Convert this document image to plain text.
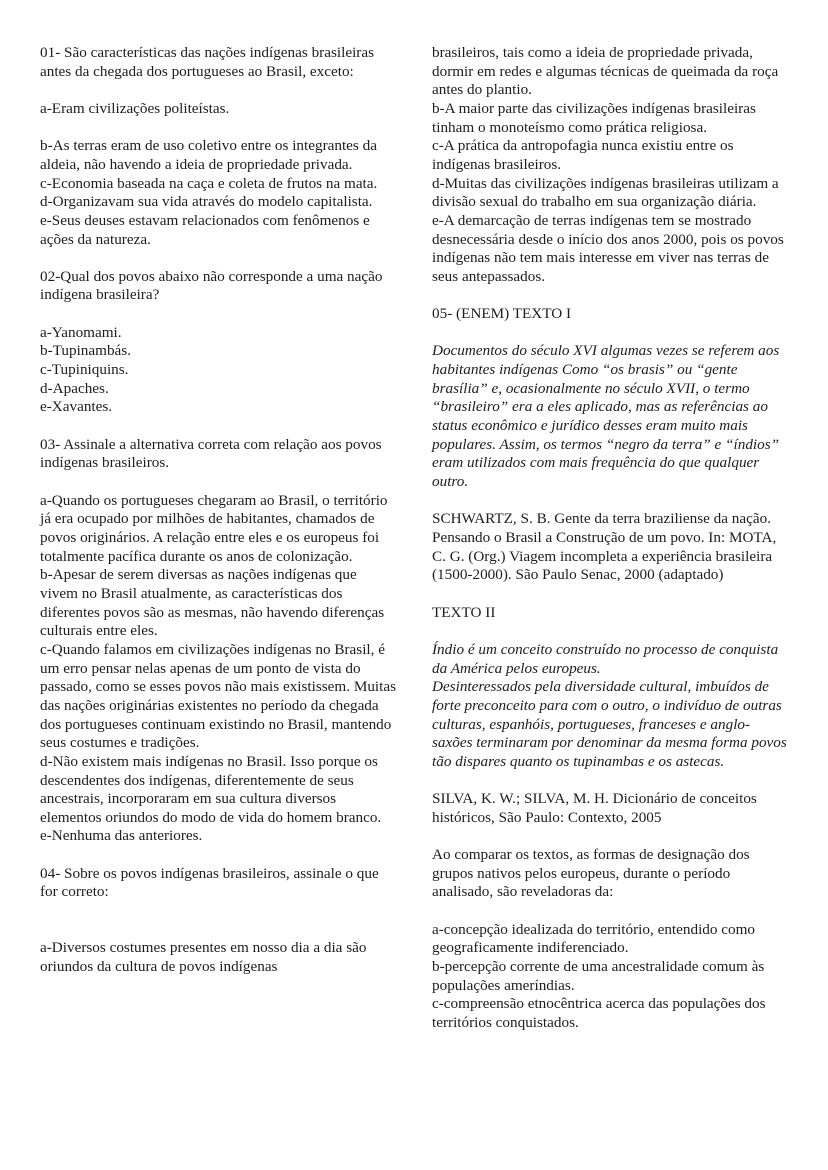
01- São características das nações indígenas brasileiras antes da chegada dos portugueses ao Brasil, exceto:

a-Eram civilizações politeístas.

b-As terras eram de uso coletivo entre os integrantes da aldeia, não havendo a ideia de propriedade privada.

c-Economia baseada na caça e coleta de frutos na mata.

d-Organizavam sua vida através do modelo capitalista.

e-Seus deuses estavam relacionados com fenômenos e ações da natureza.

02-Qual dos povos abaixo não corresponde a uma nação indígena brasileira?

a-Yanomami.

b-Tupinambás.

c-Tupiniquins.

d-Apaches.

e-Xavantes.

03- Assinale a alternativa correta com relação aos povos indígenas brasileiros.

a-Quando os portugueses chegaram ao Brasil, o território já era ocupado por milhões de habitantes, chamados de povos originários. A relação entre eles e os europeus foi totalmente pacífica durante os anos de colonização.

b-Apesar de serem diversas as nações indígenas que vivem no Brasil atualmente, as características dos diferentes povos são as mesmas, não havendo diferenças culturais entre eles.

c-Quando falamos em civilizações indígenas no Brasil, é um erro pensar nelas apenas de um ponto de vista do passado, como se esses povos não mais existissem. Muitas das nações originárias existentes no período da chegada dos portugueses continuam existindo no Brasil, mantendo seus costumes e tradições.

d-Não existem mais indígenas no Brasil. Isso porque os descendentes dos indígenas, diferentemente de seus ancestrais, incorporaram em sua cultura diversos elementos oriundos do modo de vida do homem branco.

e-Nenhuma das anteriores.

04- Sobre os povos indígenas brasileiros, assinale o que for correto:

a-Diversos costumes presentes em nosso dia a dia são oriundos da cultura de povos indígenas

brasileiros, tais como a ideia de propriedade privada, dormir em redes e algumas técnicas de queimada da roça antes do plantio.

b-A maior parte das civilizações indígenas brasileiras tinham o monoteísmo como prática religiosa.

c-A prática da antropofagia nunca existiu entre os indígenas brasileiros.

d-Muitas das civilizações indígenas brasileiras utilizam a divisão sexual do trabalho em sua organização diária.

e-A demarcação de terras indígenas tem se mostrado desnecessária desde o início dos anos 2000, pois os povos indígenas não tem mais interesse em viver nas terras de seus antepassados.

05- (ENEM) TEXTO I

Documentos do século XVI algumas vezes se referem aos habitantes indígenas Como “os brasis” ou “gente brasília” e, ocasionalmente no século XVII, o termo “brasileiro” era a eles aplicado, mas as referências ao status econômico e jurídico desses eram muito mais populares. Assim, os termos “negro da terra” e “índios” eram utilizados com mais frequência do que qualquer outro.

SCHWARTZ, S. B. Gente da terra braziliense da nação. Pensando o Brasil a Construção de um povo. In: MOTA, C. G. (Org.) Viagem incompleta a experiência brasileira (1500-2000). São Paulo Senac, 2000 (adaptado)

TEXTO II

Índio é um conceito construído no processo de conquista da América pelos europeus.

Desinteressados pela diversidade cultural, imbuídos de forte preconceito para com o outro, o indivíduo de outras culturas, espanhóis, portugueses, franceses e anglo-saxões terminaram por denominar da mesma forma povos tão dispares quanto os tupinambas e os astecas.

SILVA, K. W.; SILVA, M. H. Dicionário de conceitos históricos, São Paulo: Contexto, 2005

Ao comparar os textos, as formas de designação dos grupos nativos pelos europeus, durante o período analisado, são reveladoras da:

a-concepção idealizada do território, entendido como geograficamente indiferenciado.

b-percepção corrente de uma ancestralidade comum às populações ameríndias.

c-compreensão etnocêntrica acerca das populações dos territórios conquistados.
